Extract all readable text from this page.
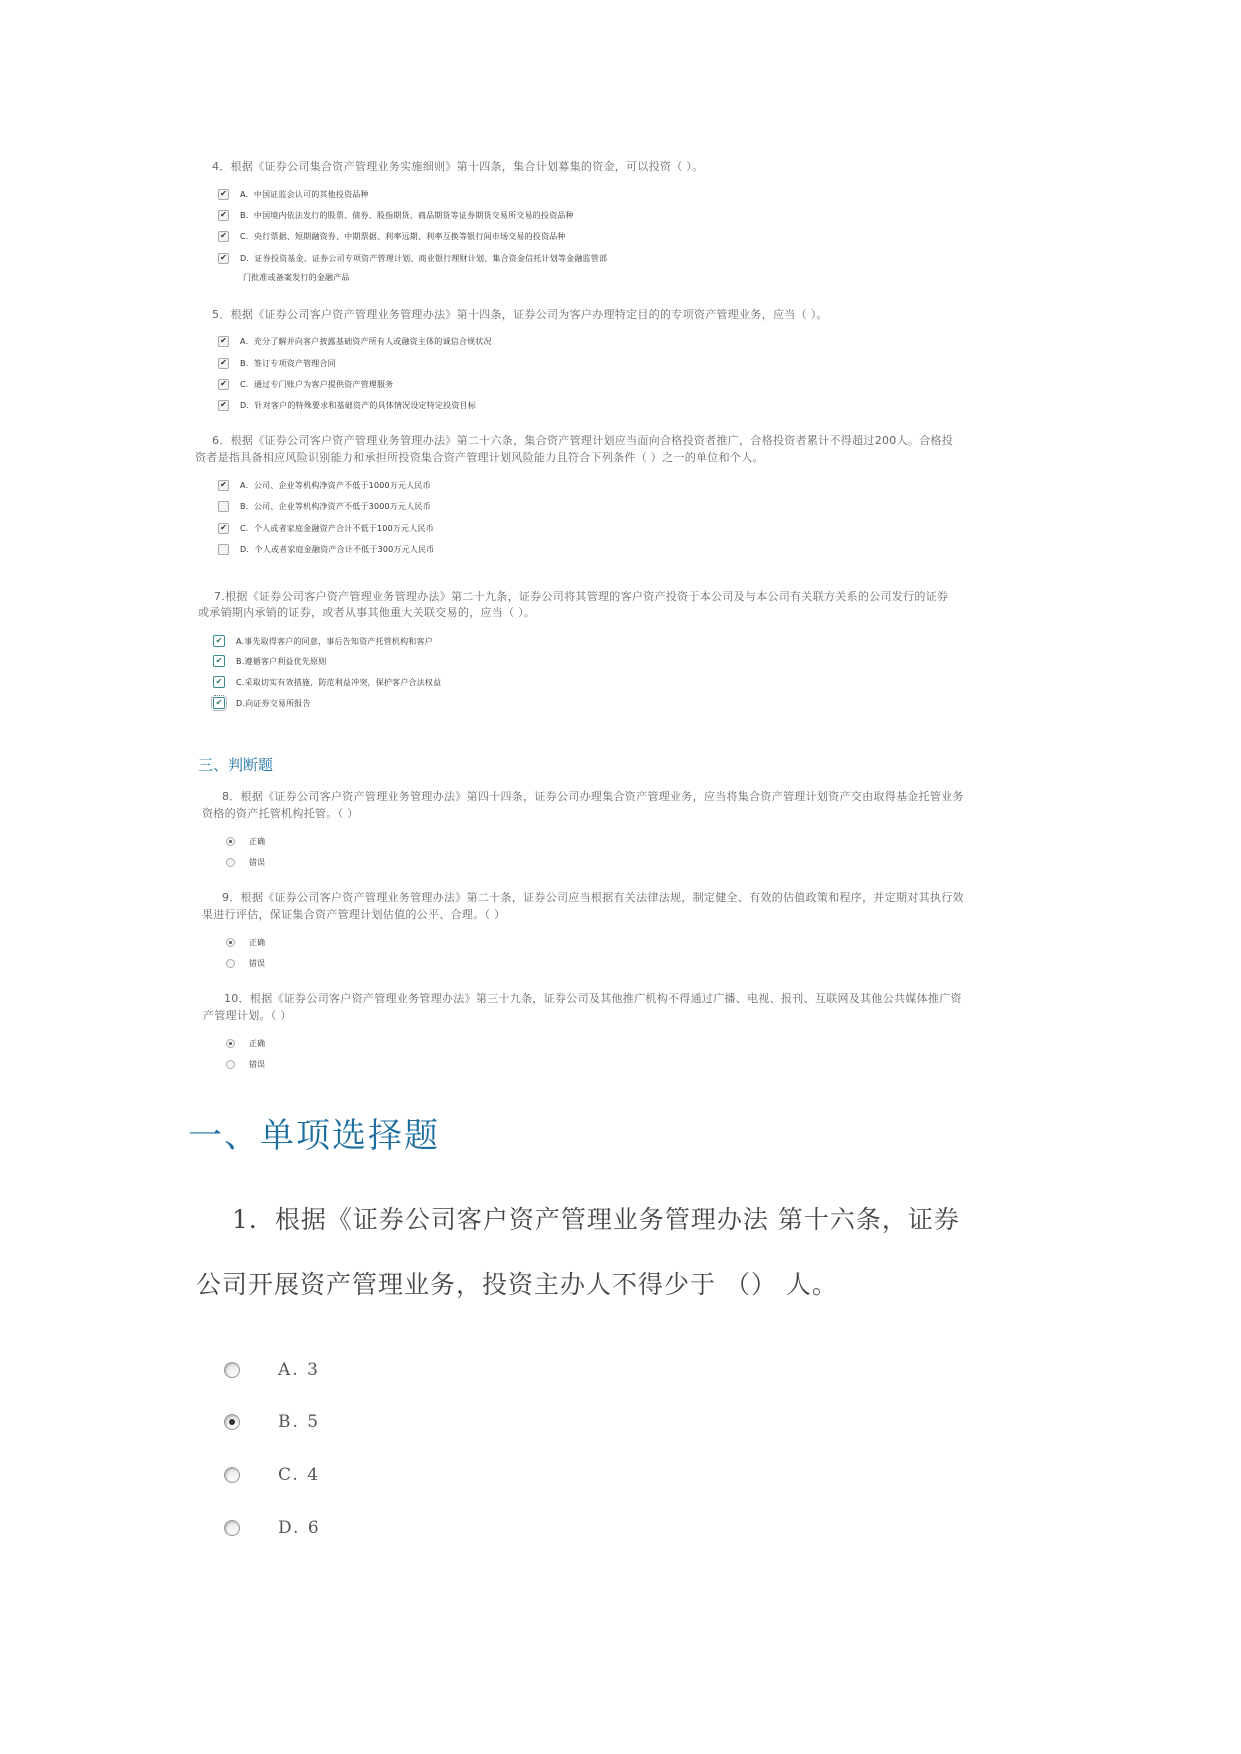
4．根据《证券公司集合资产管理业务实施细则》第十四条，集合计划募集的资金，可以投资（ ）。
✔
A．中国证监会认可的其他投资品种
✔
B．中国境内依法发行的股票、债券、股指期货、商品期货等证券期货交易所交易的投资品种
✔
C．央行票据、短期融资券、中期票据、利率远期、利率互换等银行间市场交易的投资品种
✔
D．证券投资基金、证券公司专项资产管理计划、商业银行理财计划、集合资金信托计划等金融监管部
门批准或备案发行的金融产品
5．根据《证券公司客户资产管理业务管理办法》第十四条，证券公司为客户办理特定目的的专项资产管理业务，应当（ ）。
✔
A．充分了解并向客户披露基础资产所有人或融资主体的诚信合规状况
✔
B．签订专项资产管理合同
✔
C．通过专门账户为客户提供资产管理服务
✔
D．针对客户的特殊要求和基础资产的具体情况设定特定投资目标
6．根据《证券公司客户资产管理业务管理办法》第二十六条，集合资产管理计划应当面向合格投资者推广，合格投资者累计不得超过200人。合格投
资者是指具备相应风险识别能力和承担所投资集合资产管理计划风险能力且符合下列条件（ ）之一的单位和个人。
✔
A．公司、企业等机构净资产不低于1000万元人民币
B．公司、企业等机构净资产不低于3000万元人民币
✔
C．个人或者家庭金融资产合计不低于100万元人民币
D．个人或者家庭金融资产合计不低于300万元人民币
7.根据《证券公司客户资产管理业务管理办法》第二十九条，证券公司将其管理的客户资产投资于本公司及与本公司有关联方关系的公司发行的证券
或承销期内承销的证券，或者从事其他重大关联交易的，应当（ ）。
✔
A.事先取得客户的同意，事后告知资产托管机构和客户
✔
B.遵循客户利益优先原则
✔
C.采取切实有效措施，防范利益冲突，保护客户合法权益
✔
D.向证券交易所报告
三、判断题
8．根据《证券公司客户资产管理业务管理办法》第四十四条，证券公司办理集合资产管理业务，应当将集合资产管理计划资产交由取得基金托管业务
资格的资产托管机构托管。（ ）
正确
错误
9．根据《证券公司客户资产管理业务管理办法》第二十条，证券公司应当根据有关法律法规，制定健全、有效的估值政策和程序，并定期对其执行效
果进行评估，保证集合资产管理计划估值的公平、合理。（ ）
正确
错误
10．根据《证券公司客户资产管理业务管理办法》第三十九条，证券公司及其他推广机构不得通过广播、电视、报刊、互联网及其他公共媒体推广资
产管理计划。（ ）
正确
错误
一、单项选择题
1．根据《证券公司客户资产管理业务管理办法 第十六条，证券
公司开展资产管理业务，投资主办人不得少于 （） 人。
A. 3
B. 5
C. 4
D. 6
